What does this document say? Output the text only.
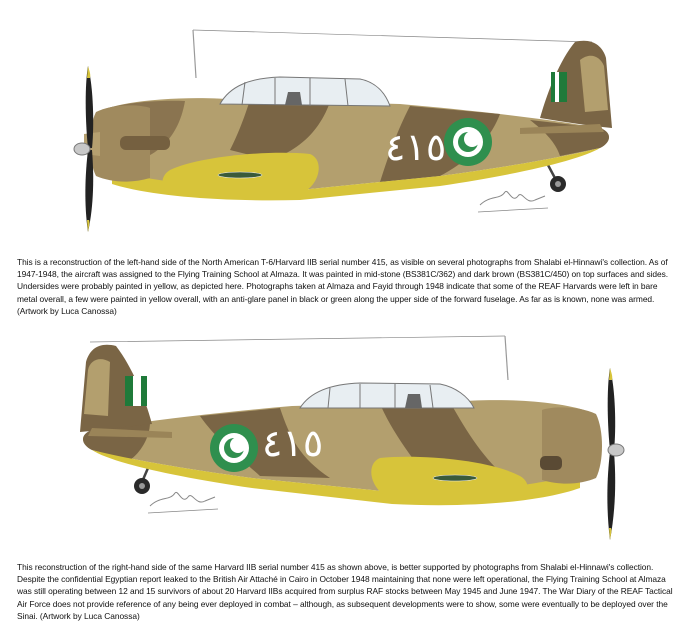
٤١٥

This is a reconstruction of the left-hand side of the North American T-6/Harvard IIB serial number 415, as visible on several photographs from Shalabi el-Hinnawi's collection. As of 1947-1948, the aircraft was assigned to the Flying Training School at Almaza. It was painted in mid-stone (BS381C/362) and dark brown (BS381C/450) on top surfaces and sides. Undersides were probably painted in yellow, as depicted here. Photographs taken at Almaza and Fayid through 1948 indicate that some of the REAF Harvards were left in bare metal overall, a few were painted in yellow overall, with an anti-glare panel in black or green along the upper side of the forward fuselage. As far as is known, none was armed. (Artwork by Luca Canossa)

٤١٥

This reconstruction of the right-hand side of the same Harvard IIB serial number 415 as shown above, is better supported by photographs from Shalabi el-Hinnawi's collection. Despite the confidential Egyptian report leaked to the British Air Attaché in Cairo in October 1948 maintaining that none were left operational, the Flying Training School at Almaza was still operating between 12 and 15 survivors of about 20 Harvard IIBs acquired from surplus RAF stocks between May 1945 and June 1947. The War Diary of the REAF Tactical Air Force does not provide reference of any being ever deployed in combat – although, as subsequent developments were to show, some were eventually to be deployed over the Sinai. (Artwork by Luca Canossa)
